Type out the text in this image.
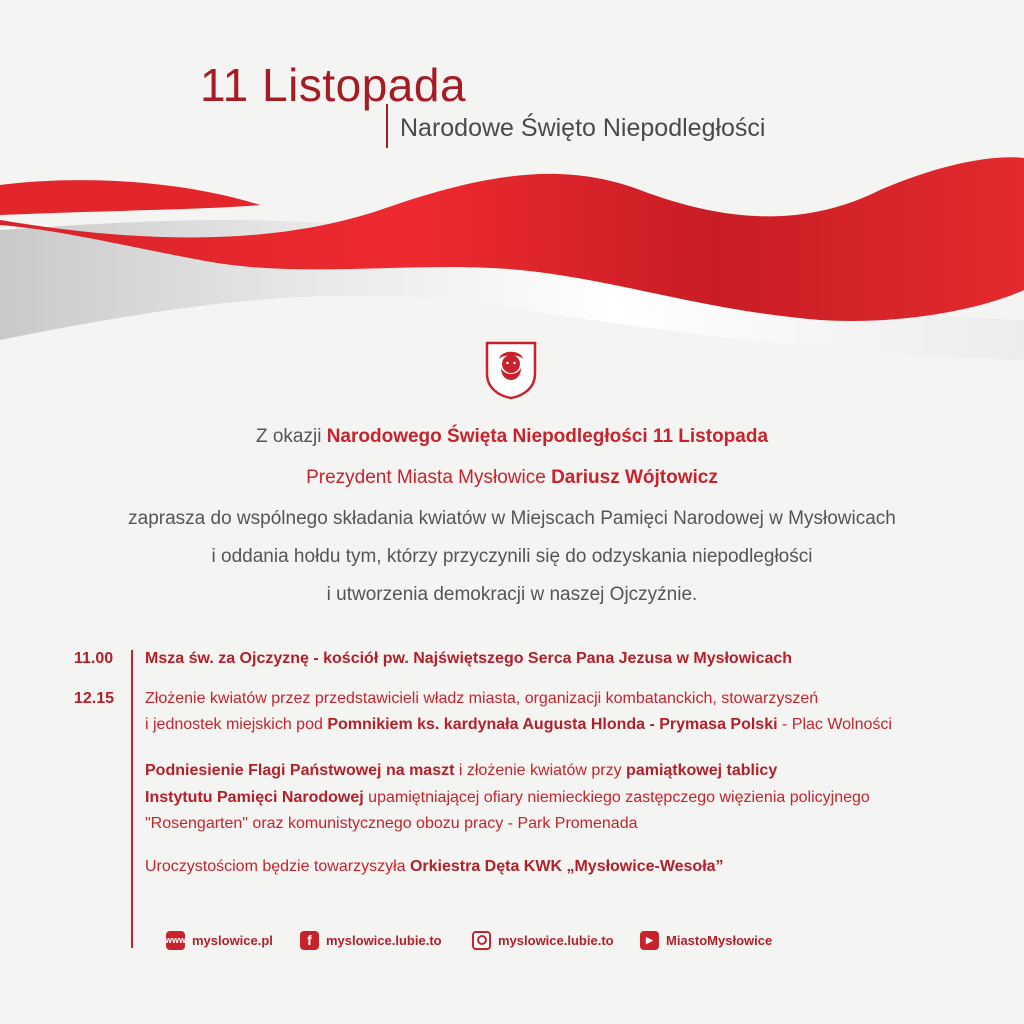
11 Listopada
Narodowe Święto Niepodległości
Z okazji Narodowego Święta Niepodległości 11 Listopada
Prezydent Miasta Mysłowice Dariusz Wójtowicz
zaprasza do wspólnego składania kwiatów w Miejscach Pamięci Narodowej w Mysłowicach
i oddania hołdu tym, którzy przyczynili się do odzyskania niepodległości
i utworzenia demokracji w naszej Ojczyźnie.
11.00 Msza św. za Ojczyznę - kościół pw. Najświętszego Serca Pana Jezusa w Mysłowicach
12.15 Złożenie kwiatów przez przedstawicieli władz miasta, organizacji kombatanckich, stowarzyszeń
i jednostek miejskich pod Pomnikiem ks. kardynała Augusta Hlonda - Prymasa Polski - Plac Wolności
Podniesienie Flagi Państwowej na maszt i złożenie kwiatów przy pamiątkowej tablicy
Instytutu Pamięci Narodowej upamiętniającej ofiary niemieckiego zastępczego więzienia policyjnego
"Rosengarten" oraz komunistycznego obozu pracy - Park Promenada
Uroczystościom będzie towarzyszyła Orkiestra Dęta KWK „Mysłowice-Wesoła”
www myslowice.pl	f	myslowice.lubie.to	myslowice.lubie.to	▶	MiastoMysłowice
